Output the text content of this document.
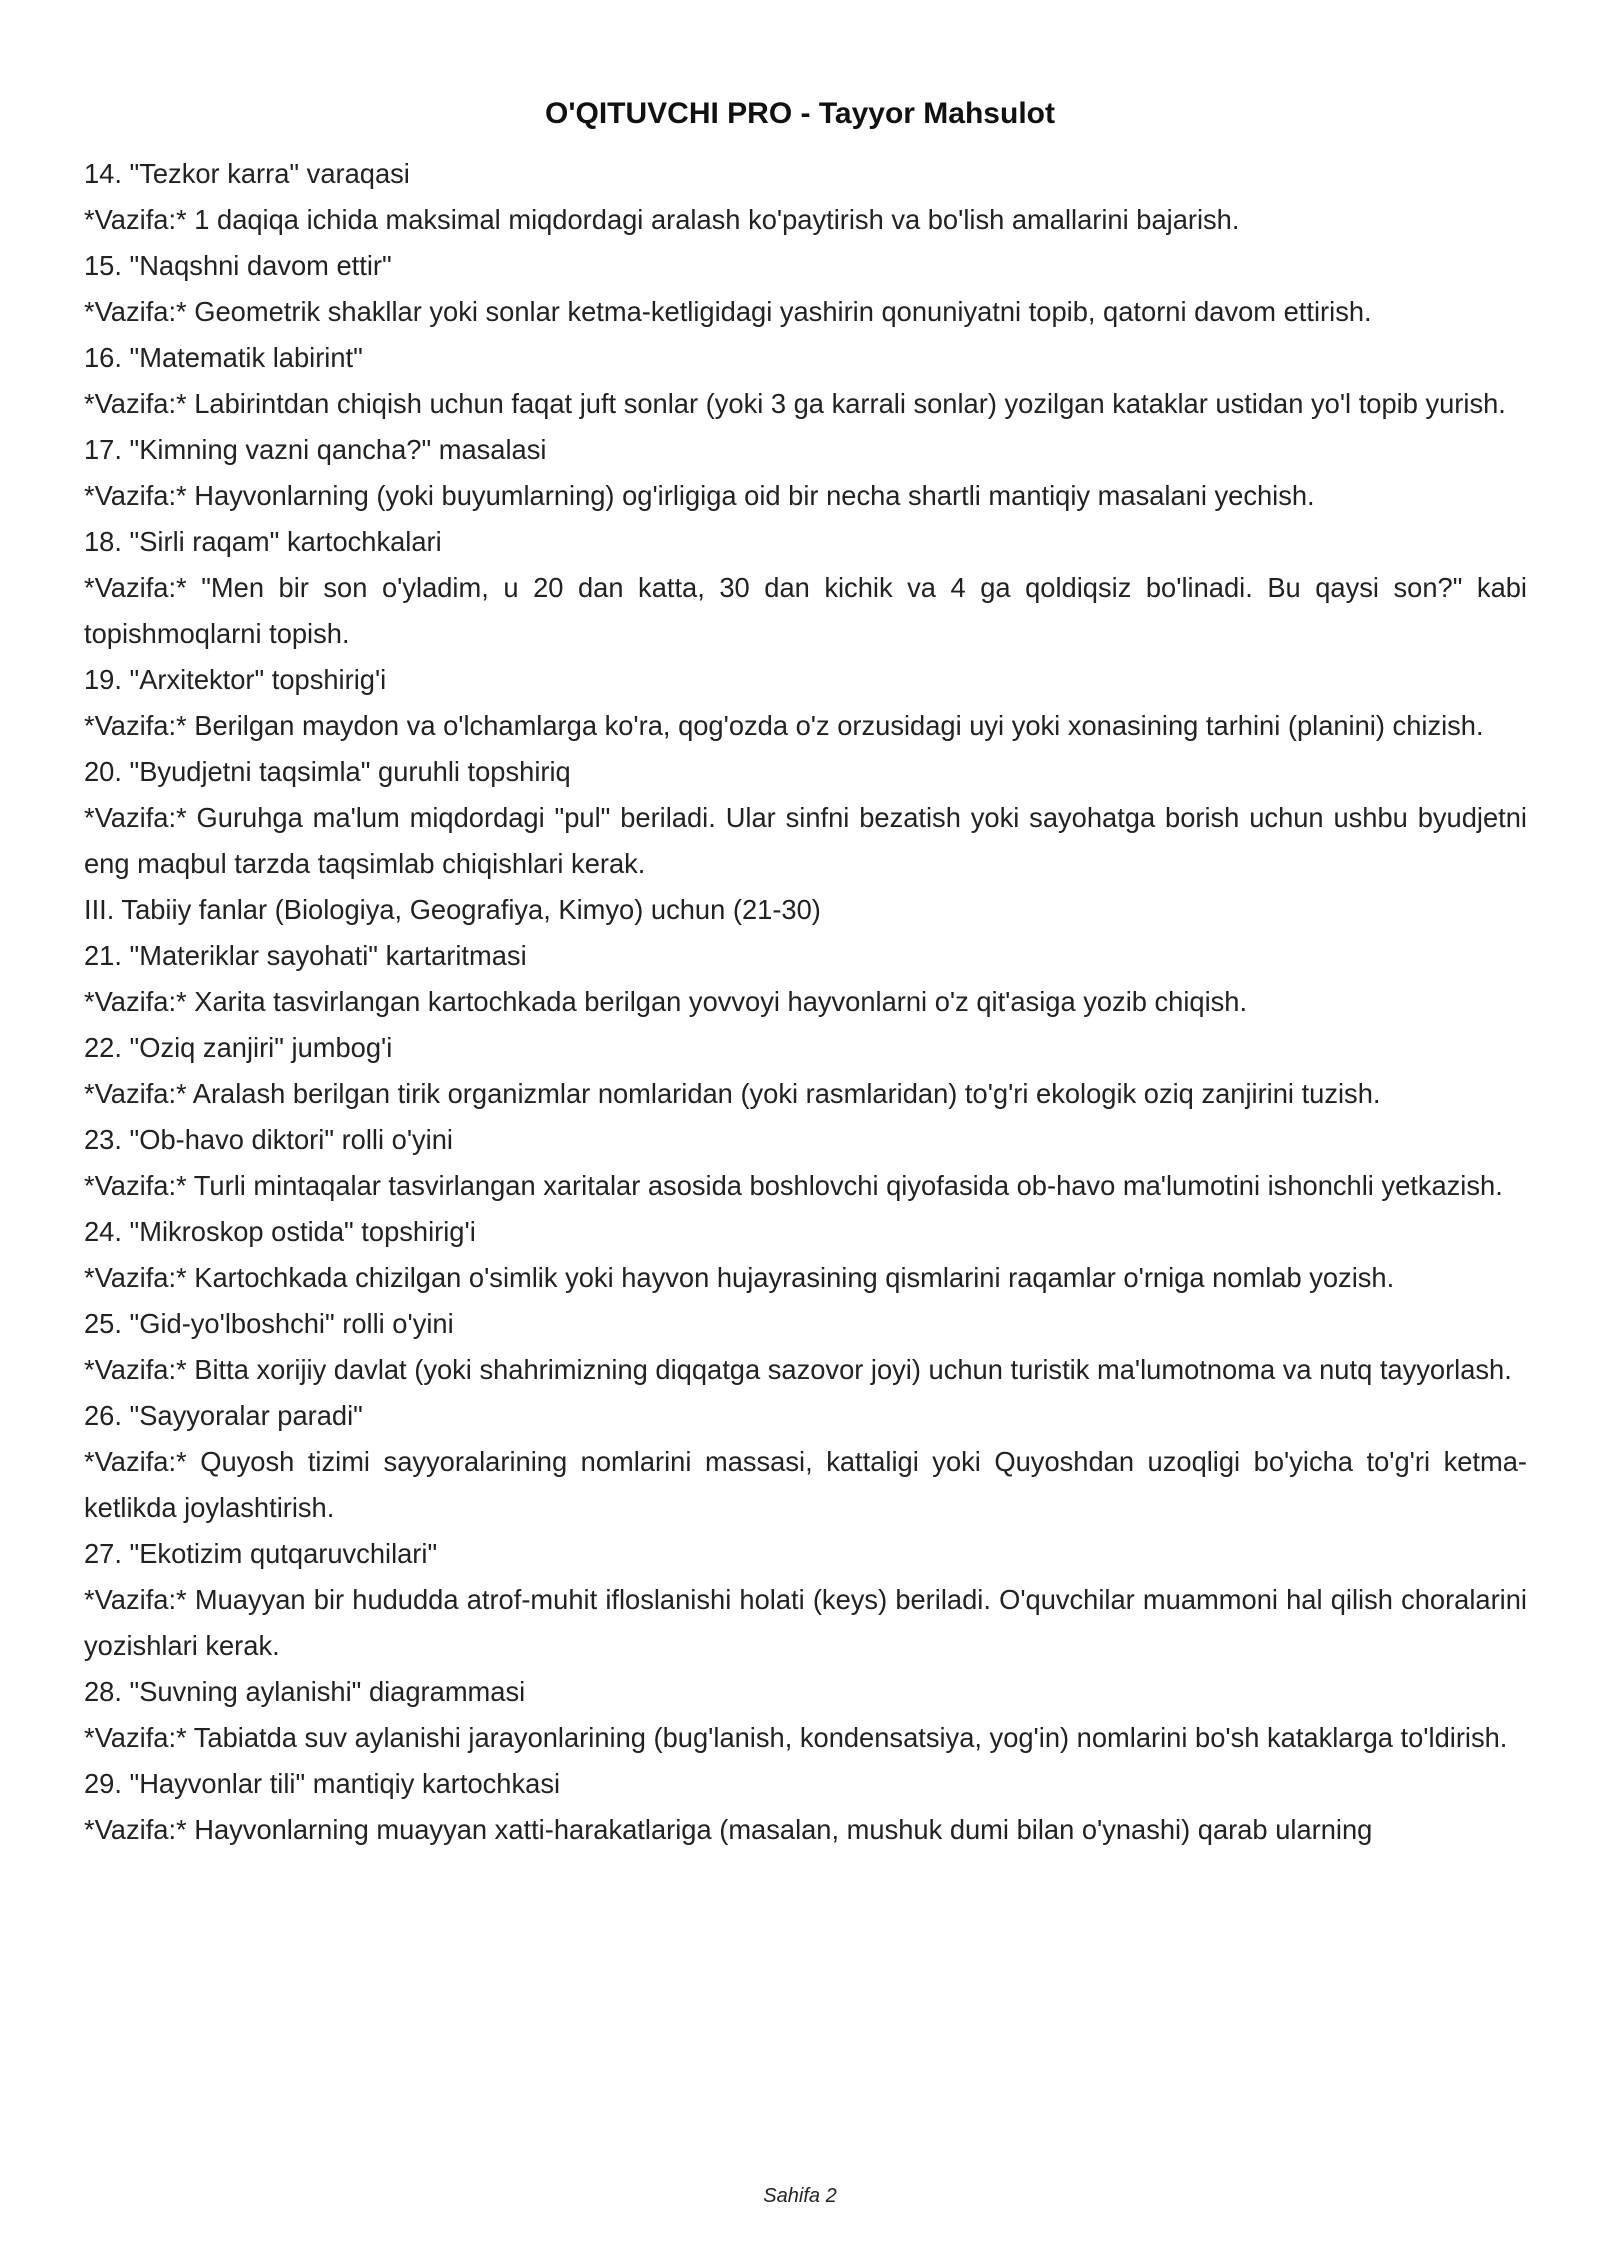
O'QITUVCHI PRO - Tayyor Mahsulot

14. "Tezkor karra" varaqasi

*Vazifa:* 1 daqiqa ichida maksimal miqdordagi aralash ko'paytirish va bo'lish amallarini bajarish.

15. "Naqshni davom ettir"

*Vazifa:* Geometrik shakllar yoki sonlar ketma-ketligidagi yashirin qonuniyatni topib, qatorni davom ettirish.

16. "Matematik labirint"

*Vazifa:* Labirintdan chiqish uchun faqat juft sonlar (yoki 3 ga karrali sonlar) yozilgan kataklar ustidan yo'l topib yurish.

17. "Kimning vazni qancha?" masalasi

*Vazifa:* Hayvonlarning (yoki buyumlarning) og'irligiga oid bir necha shartli mantiqiy masalani yechish.

18. "Sirli raqam" kartochkalari

*Vazifa:* "Men bir son o'yladim, u 20 dan katta, 30 dan kichik va 4 ga qoldiqsiz bo'linadi. Bu qaysi son?" kabi topishmoqlarni topish.

19. "Arxitektor" topshirig'i

*Vazifa:* Berilgan maydon va o'lchamlarga ko'ra, qog'ozda o'z orzusidagi uyi yoki xonasining tarhini (planini) chizish.

20. "Byudjetni taqsimla" guruhli topshiriq

*Vazifa:* Guruhga ma'lum miqdordagi "pul" beriladi. Ular sinfni bezatish yoki sayohatga borish uchun ushbu byudjetni eng maqbul tarzda taqsimlab chiqishlari kerak.

III. Tabiiy fanlar (Biologiya, Geografiya, Kimyo) uchun (21-30)

21. "Materiklar sayohati" kartaritmasi

*Vazifa:* Xarita tasvirlangan kartochkada berilgan yovvoyi hayvonlarni o'z qit'asiga yozib chiqish.

22. "Oziq zanjiri" jumbog'i

*Vazifa:* Aralash berilgan tirik organizmlar nomlaridan (yoki rasmlaridan) to'g'ri ekologik oziq zanjirini tuzish.

23. "Ob-havo diktori" rolli o'yini

*Vazifa:* Turli mintaqalar tasvirlangan xaritalar asosida boshlovchi qiyofasida ob-havo ma'lumotini ishonchli yetkazish.

24. "Mikroskop ostida" topshirig'i

*Vazifa:* Kartochkada chizilgan o'simlik yoki hayvon hujayrasining qismlarini raqamlar o'rniga nomlab yozish.

25. "Gid-yo'lboshchi" rolli o'yini

*Vazifa:* Bitta xorijiy davlat (yoki shahrimizning diqqatga sazovor joyi) uchun turistik ma'lumotnoma va nutq tayyorlash.

26. "Sayyoralar paradi"

*Vazifa:* Quyosh tizimi sayyoralarining nomlarini massasi, kattaligi yoki Quyoshdan uzoqligi bo'yicha to'g'ri ketma-ketlikda joylashtirish.

27. "Ekotizim qutqaruvchilari"

*Vazifa:* Muayyan bir hududda atrof-muhit ifloslanishi holati (keys) beriladi. O'quvchilar muammoni hal qilish choralarini yozishlari kerak.

28. "Suvning aylanishi" diagrammasi

*Vazifa:* Tabiatda suv aylanishi jarayonlarining (bug'lanish, kondensatsiya, yog'in) nomlarini bo'sh kataklarga to'ldirish.

29. "Hayvonlar tili" mantiqiy kartochkasi

*Vazifa:* Hayvonlarning muayyan xatti-harakatlariga (masalan, mushuk dumi bilan o'ynashi) qarab ularning

Sahifa 2
